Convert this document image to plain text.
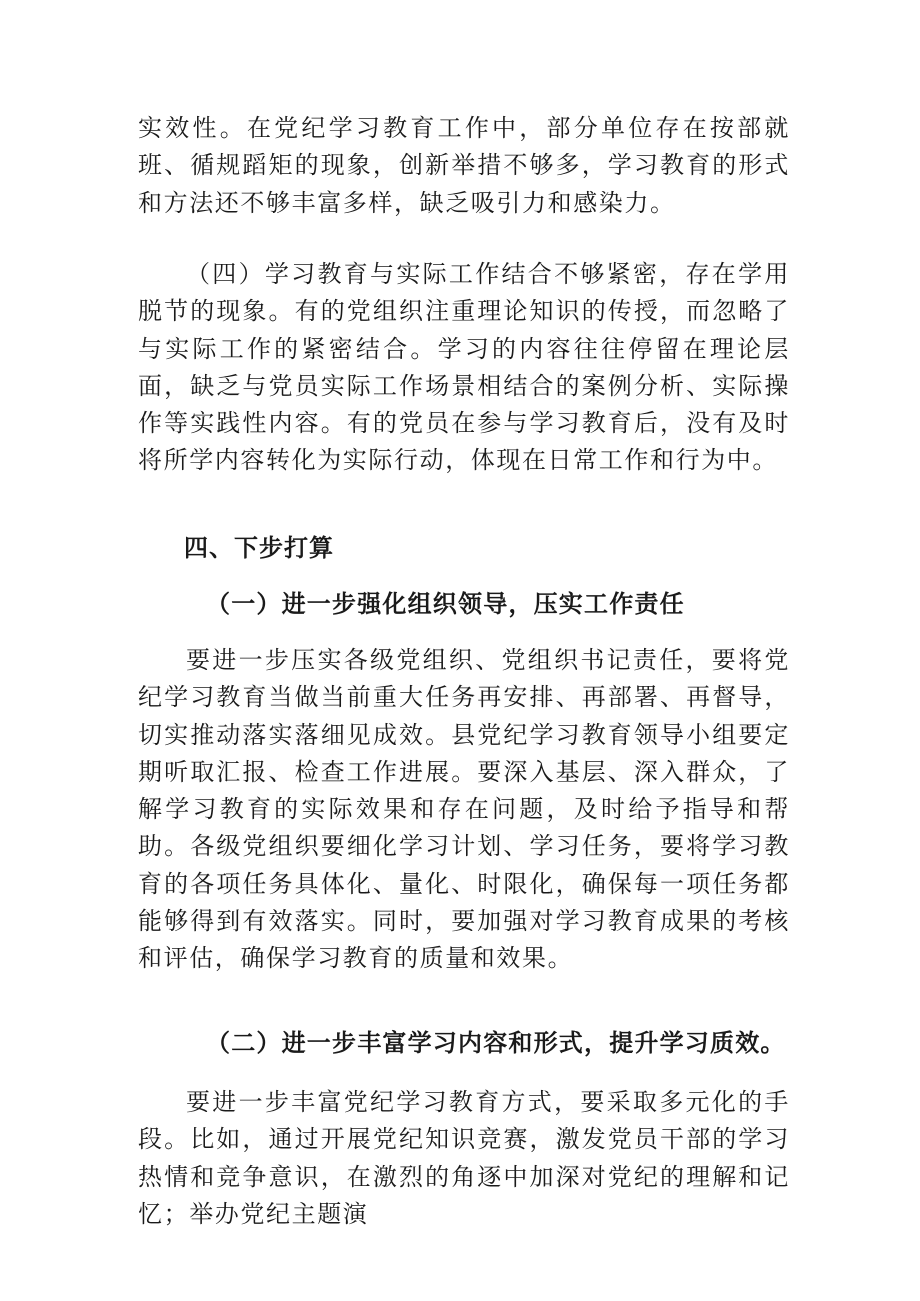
实效性。在党纪学习教育工作中，部分单位存在按部就班、循规蹈矩的现象，创新举措不够多，学习教育的形式和方法还不够丰富多样，缺乏吸引力和感染力。

（四）学习教育与实际工作结合不够紧密，存在学用脱节的现象。有的党组织注重理论知识的传授，而忽略了与实际工作的紧密结合。学习的内容往往停留在理论层面，缺乏与党员实际工作场景相结合的案例分析、实际操作等实践性内容。有的党员在参与学习教育后，没有及时将所学内容转化为实际行动，体现在日常工作和行为中。

四、下步打算
（一）进一步强化组织领导，压实工作责任

要进一步压实各级党组织、党组织书记责任，要将党纪学习教育当做当前重大任务再安排、再部署、再督导，切实推动落实落细见成效。县党纪学习教育领导小组要定期听取汇报、检查工作进展。要深入基层、深入群众，了解学习教育的实际效果和存在问题，及时给予指导和帮助。各级党组织要细化学习计划、学习任务，要将学习教育的各项任务具体化、量化、时限化，确保每一项任务都能够得到有效落实。同时，要加强对学习教育成果的考核和评估，确保学习教育的质量和效果。

（二）进一步丰富学习内容和形式，提升学习质效。

要进一步丰富党纪学习教育方式，要采取多元化的手段。比如，通过开展党纪知识竞赛，激发党员干部的学习热情和竞争意识，在激烈的角逐中加深对党纪的理解和记忆；举办党纪主题演
